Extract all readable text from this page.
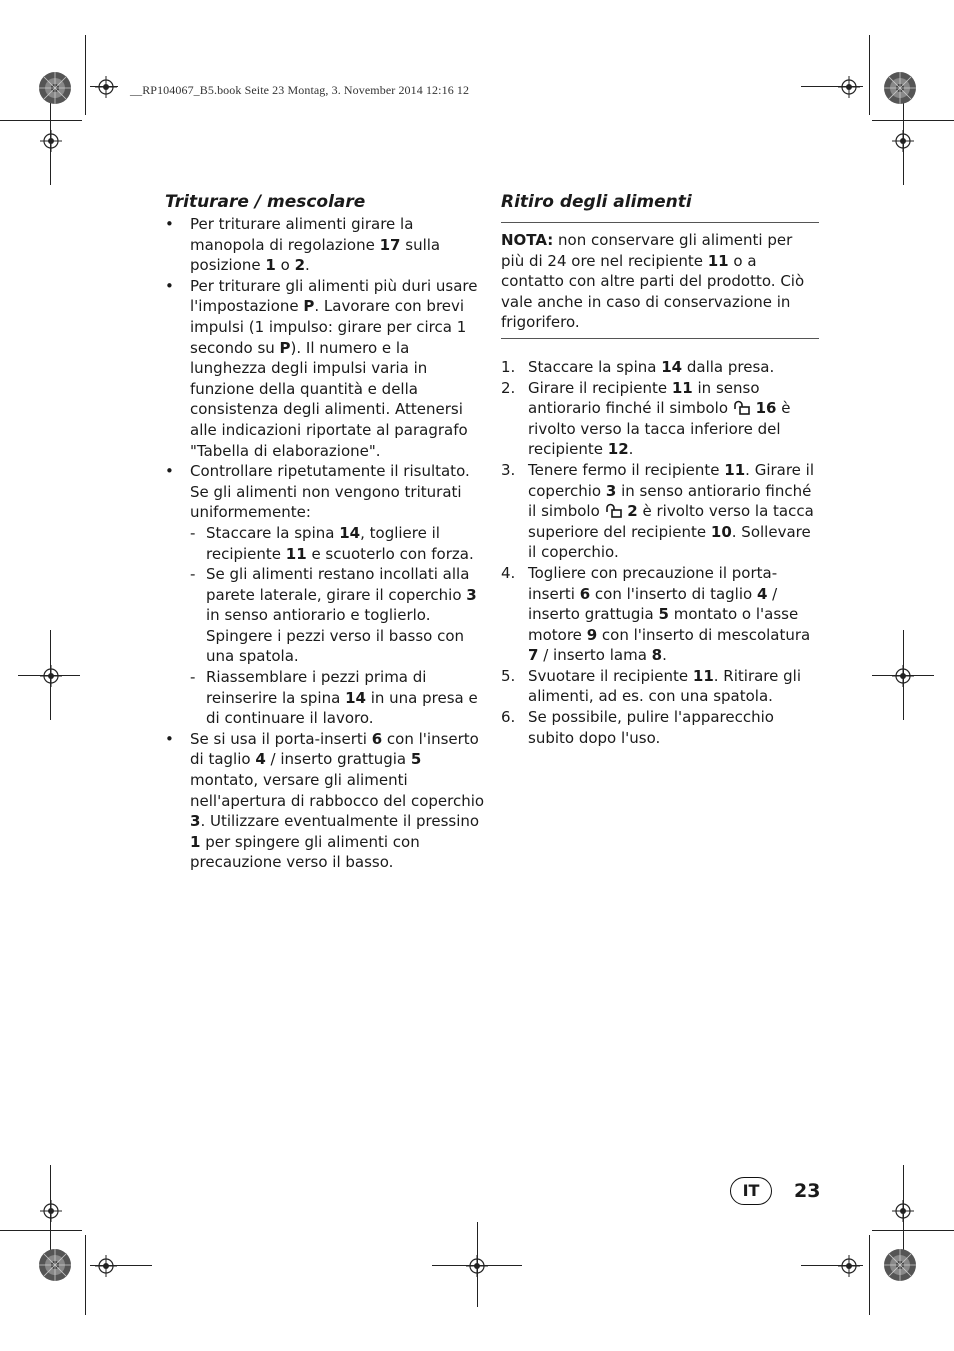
__RP104067_B5.book Seite 23 Montag, 3. November 2014 12:16 12
Triturare / mescolare
• Per triturare alimenti girare la manopola di regolazione 17 sulla posizione 1 o 2.
• Per triturare gli alimenti più duri usare l'impostazione P. Lavorare con brevi impulsi (1 impulso: girare per circa 1 secondo su P). Il numero e la lunghezza degli impulsi varia in funzione della quantità e della consistenza degli alimenti. Attenersi alle indicazioni riportate al paragrafo "Tabella di elaborazione".
• Controllare ripetutamente il risultato. Se gli alimenti non vengono triturati uniformemente:
- Staccare la spina 14, togliere il recipiente 11 e scuoterlo con forza.
- Se gli alimenti restano incollati alla parete laterale, girare il coperchio 3 in senso antiorario e toglierlo. Spingere i pezzi verso il basso con una spatola.
- Riassemblare i pezzi prima di reinserire la spina 14 in una presa e di continuare il lavoro.
• Se si usa il porta-inserti 6 con l'inserto di taglio 4 / inserto grattugia 5 montato, versare gli alimenti nell'apertura di rabbocco del coperchio 3. Utilizzare eventualmente il pressino 1 per spingere gli alimenti con precauzione verso il basso.
Ritiro degli alimenti
NOTA: non conservare gli alimenti per più di 24 ore nel recipiente 11 o a contatto con altre parti del prodotto. Ciò vale anche in caso di conservazione in frigorifero.
1. Staccare la spina 14 dalla presa.
2. Girare il recipiente 11 in senso antiorario finché il simbolo  16 è rivolto verso la tacca inferiore del recipiente 12.
3. Tenere fermo il recipiente 11. Girare il coperchio 3 in senso antiorario finché il simbolo  2 è rivolto verso la tacca superiore del recipiente 10. Sollevare il coperchio.
4. Togliere con precauzione il porta-inserti 6 con l'inserto di taglio 4 / inserto grattugia 5 montato o l'asse motore 9 con l'inserto di mescolatura 7 / inserto lama 8.
5. Svuotare il recipiente 11. Ritirare gli alimenti, ad es. con una spatola.
6. Se possibile, pulire l'apparecchio subito dopo l'uso.
IT	23
